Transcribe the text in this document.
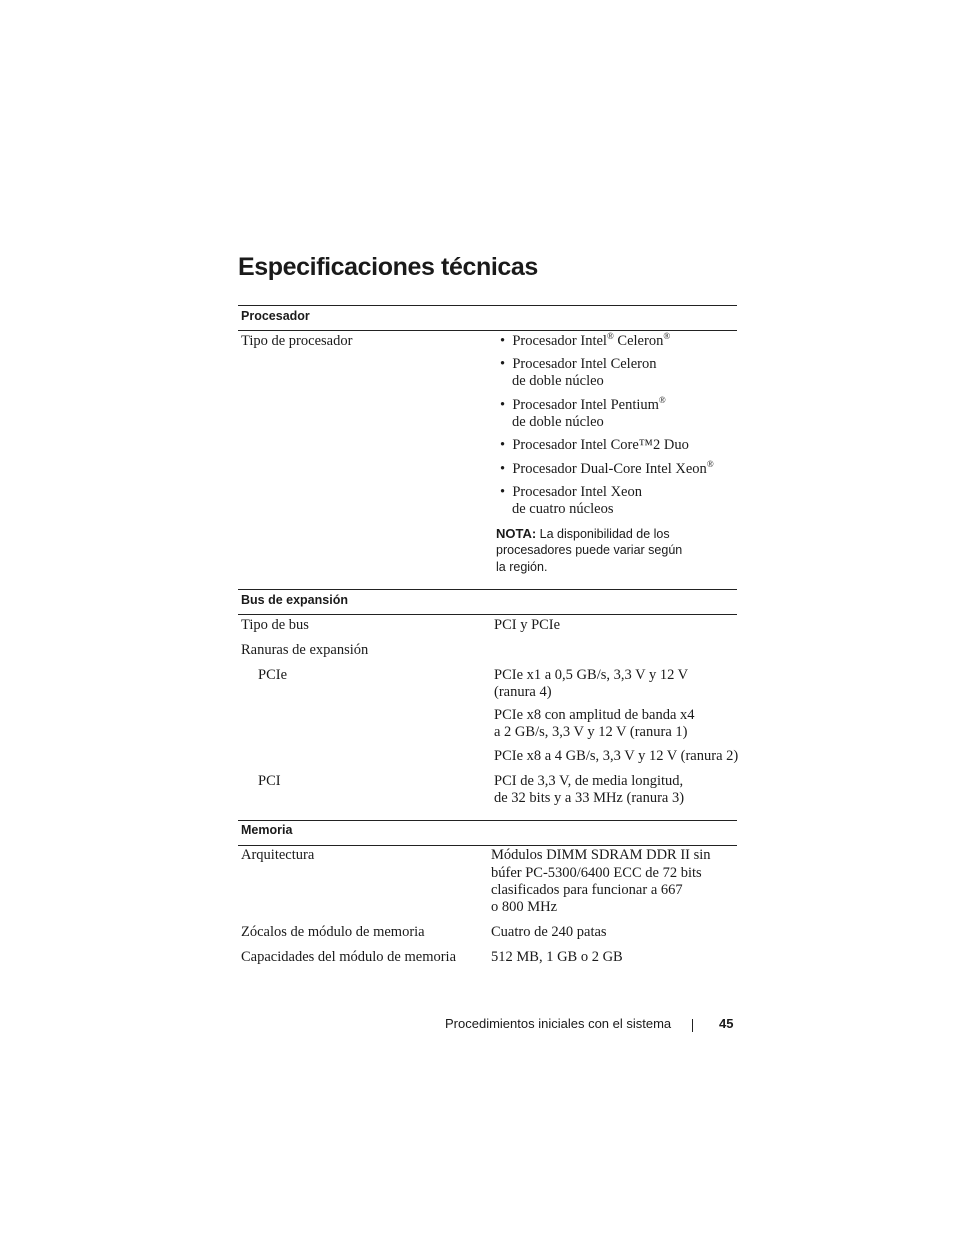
Especificaciones técnicas
Procesador
Tipo de procesador	•  Procesador Intel® Celeron®
•  Procesador Intel Celeron
de doble núcleo
•  Procesador Intel Pentium®
de doble núcleo
•  Procesador Intel Core™2 Duo
•  Procesador Dual-Core Intel Xeon®
•  Procesador Intel Xeon
de cuatro núcleos
NOTA: La disponibilidad de los
procesadores puede variar según
la región.
Bus de expansión
Tipo de bus	PCI y PCIe
Ranuras de expansión
PCIe	PCIe x1 a 0,5 GB/s, 3,3 V y 12 V
(ranura 4)
PCIe x8 con amplitud de banda x4
a 2 GB/s, 3,3 V y 12 V (ranura 1)
PCIe x8 a 4 GB/s, 3,3 V y 12 V (ranura 2)
PCI	PCI de 3,3 V, de media longitud,
de 32 bits y a 33 MHz (ranura 3)
Memoria
Arquitectura	Módulos DIMM SDRAM DDR II sin
búfer PC-5300/6400 ECC de 72 bits
clasificados para funcionar a 667
o 800 MHz
Zócalos de módulo de memoria	Cuatro de 240 patas
Capacidades del módulo de memoria 512 MB, 1 GB o 2 GB
Procedimientos iniciales con el sistema	45
